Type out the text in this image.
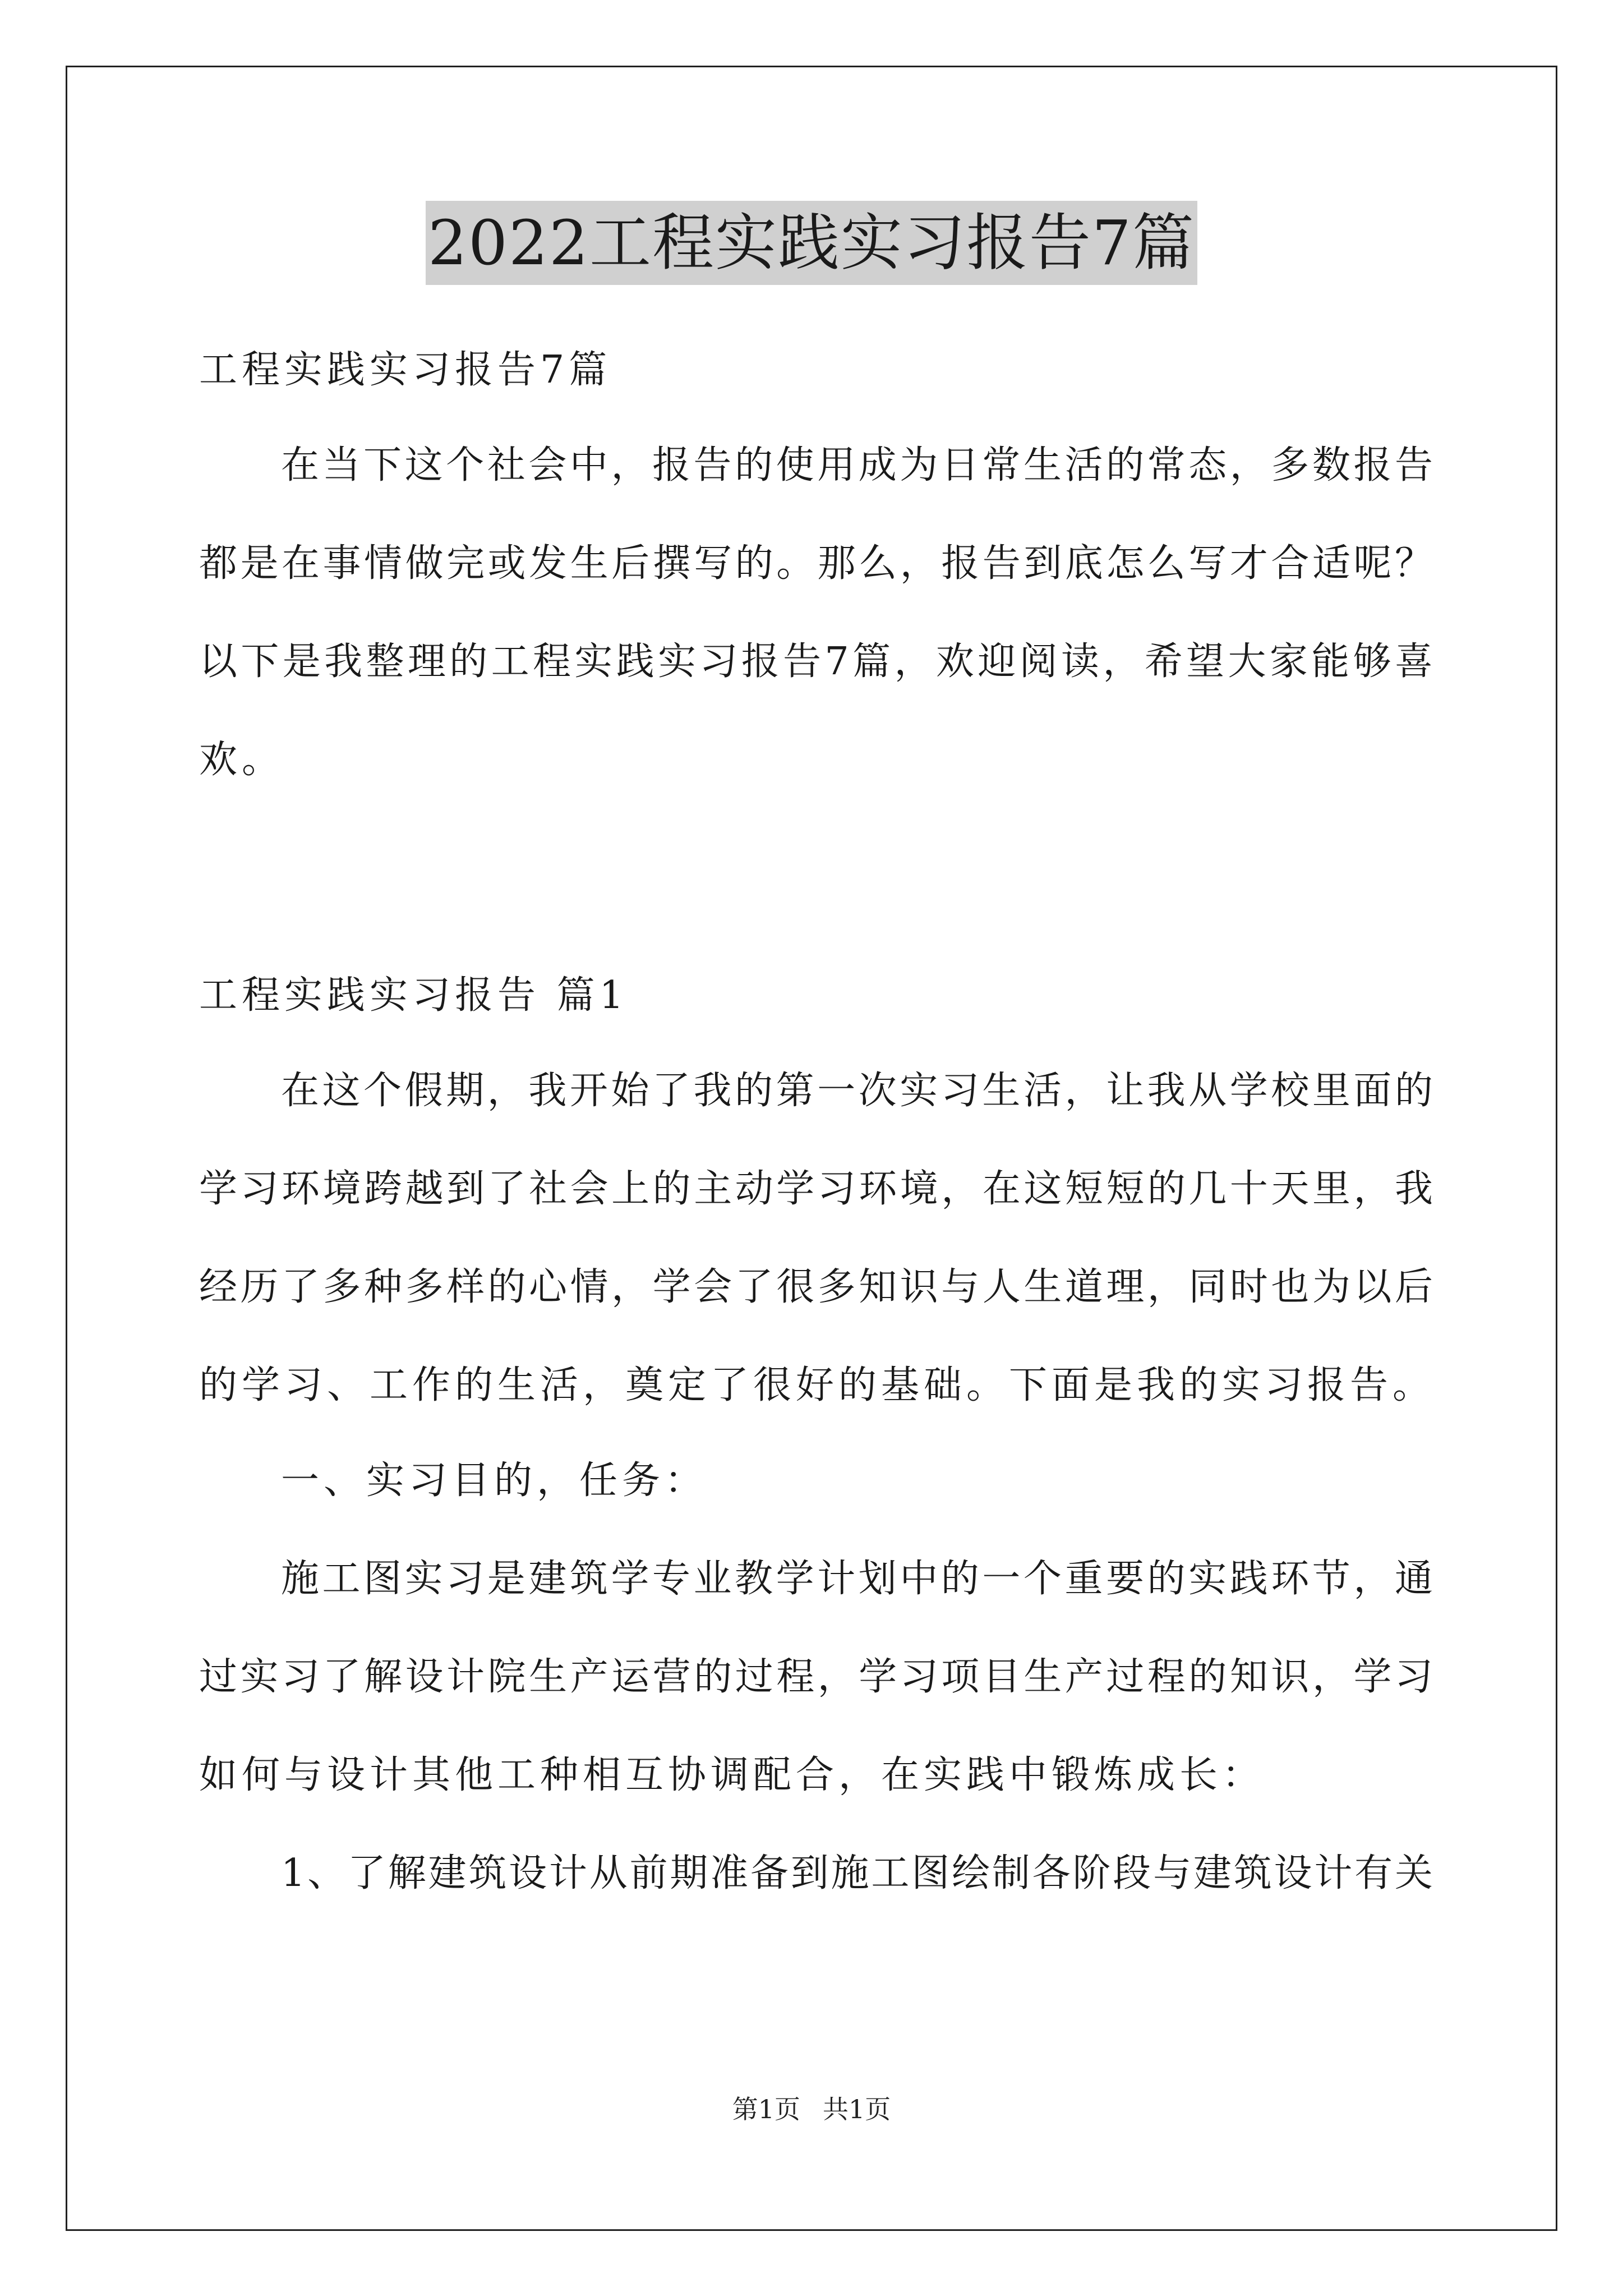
2022工程实践实习报告7篇
工程实践实习报告7篇
在当下这个社会中，报告的使用成为日常生活的常态，多数报告
都是在事情做完或发生后撰写的。那么，报告到底怎么写才合适呢？
以下是我整理的工程实践实习报告7篇，欢迎阅读，希望大家能够喜
欢。
工程实践实习报告 篇1
在这个假期，我开始了我的第一次实习生活，让我从学校里面的
学习环境跨越到了社会上的主动学习环境，在这短短的几十天里，我
经历了多种多样的心情，学会了很多知识与人生道理，同时也为以后
的学习、工作的生活，奠定了很好的基础。下面是我的实习报告。
一、实习目的，任务：
施工图实习是建筑学专业教学计划中的一个重要的实践环节，通
过实习了解设计院生产运营的过程，学习项目生产过程的知识，学习
如何与设计其他工种相互协调配合，在实践中锻炼成长：
1、了解建筑设计从前期准备到施工图绘制各阶段与建筑设计有关
第1页 共1页
